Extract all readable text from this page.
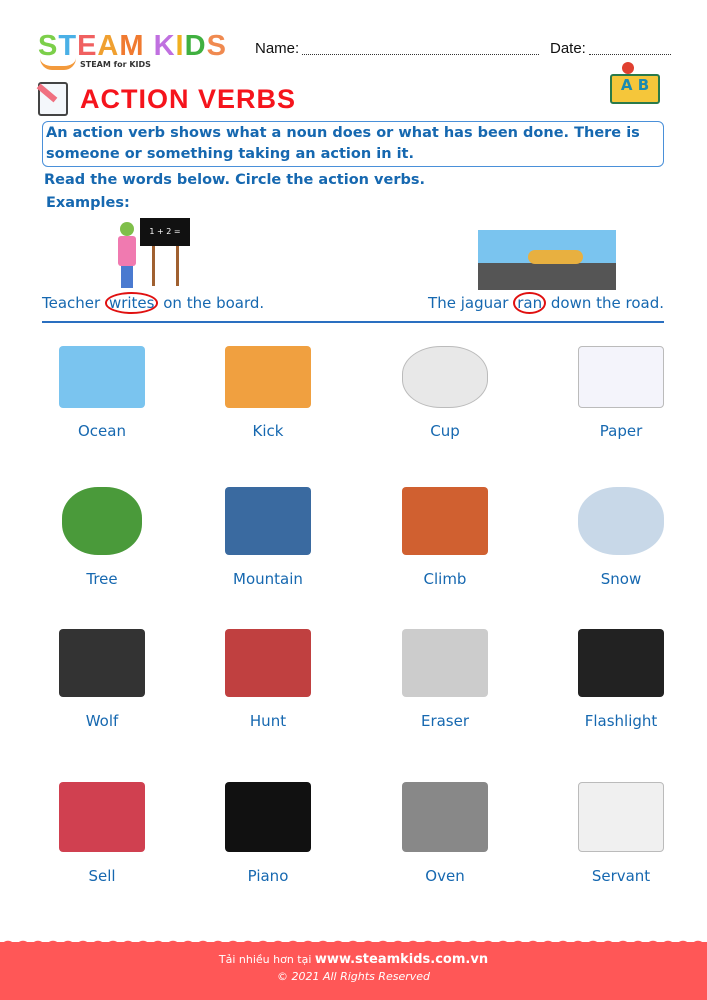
STEAM KIDS
STEAM for KIDS
Name:	Date:
ACTION VERBS	A B
An action verb shows what a noun does or what has been done. There is someone or something taking an action in it.
Read the words below. Circle the action verbs.
Examples:
1 + 2 =
Teacher writes on the board.	The jaguar ran down the road.
Ocean	Kick	Cup	Paper
Tree	Mountain	Climb	Snow
Wolf	Hunt	Eraser	Flashlight
Sell	Piano	Oven	Servant
Tải nhiều hơn tại www.steamkids.com.vn
© 2021 All Rights Reserved
